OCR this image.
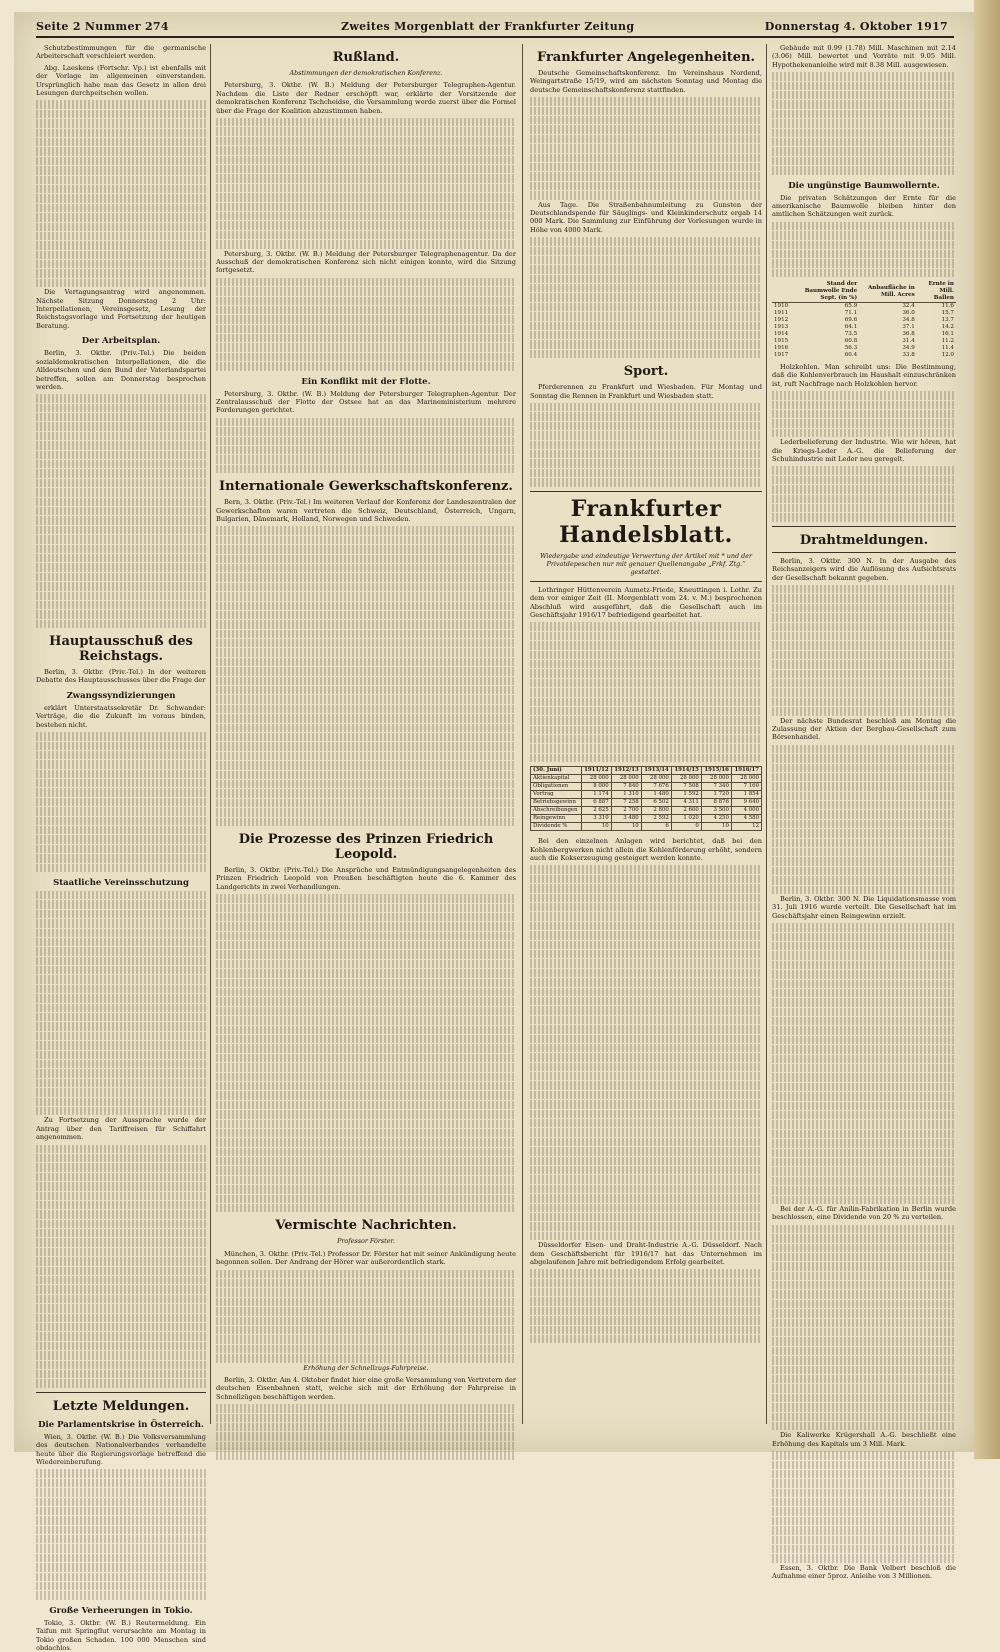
Seite 2 Nummer 274	Zweites Morgenblatt der Frankfurter Zeitung	Donnerstag 4. Oktober 1917
Schutzbestimmungen für die germanische Arbeiterschaft verschleiert werden.
Abg. Laeskens (Fortschr. Vp.) ist ebenfalls mit der Vorlage im allgemeinen einverstanden. Ursprünglich habe man das Gesetz in allen drei Lesungen durchpeitschen wollen.
Die Vertagungsantrag wird angenommen. Nächste Sitzung Donnerstag 2 Uhr: Interpellationen, Vereinsgesetz, Lesung der Reichstagsvorlage und Fortsetzung der heutigen Beratung.
Der Arbeitsplan.
Berlin, 3. Oktbr. (Priv.-Tel.) Die beiden sozialdemokratischen Interpellationen, die die Alldeutschen und den Bund der Vaterlandspartei betreffen, sollen am Donnerstag besprochen werden.
Hauptausschuß des Reichstags.
Berlin, 3. Oktbr. (Priv.-Tel.) In der weiteren Debatte des Hauptausschusses über die Frage der
Zwangssyndizierungen
erklärt Unterstaatssekretär Dr. Schwander: Verträge, die die Zukunft im voraus binden, bestehen nicht.
Staatliche Vereinsschutzung
Zu Fortsetzung der Aussprache wurde der Antrag über den Tariffreisen für Schiffahrt angenommen.
Letzte Meldungen.
Die Parlamentskrise in Österreich.
Wien, 3. Oktbr. (W. B.) Die Volksversammlung des deutschen Nationalverbandes verhandelte heute über die Regierungsvorlage betreffend die Wiedereinberufung.
Große Verheerungen in Tokio.
Tokio, 3. Oktbr. (W. B.) Reutermeldung. Ein Taifun mit Springflut verursachte am Montag in Tokio großen Schaden. 100 000 Menschen sind obdachlos.
Rußland.
Abstimmungen der demokratischen Konferenz.
Petersburg, 3. Oktbr. (W. B.) Meldung der Petersburger Telegraphen-Agentur. Nachdem die Liste der Redner erschöpft war, erklärte der Vorsitzende der demokratischen Konferenz Tschcheidse, die Versammlung werde zuerst über die Formel über die Frage der Koalition abzustimmen haben.
Petersburg, 3. Oktbr. (W. B.) Meldung der Petersburger Telegraphenagentur. Da der Ausschuß der demokratischen Konferenz sich nicht einigen konnte, wird die Sitzung fortgesetzt.
Ein Konflikt mit der Flotte.
Petersburg, 3. Oktbr. (W. B.) Meldung der Petersburger Telegraphen-Agentur. Der Zentralausschuß der Flotte der Ostsee hat an das Marineministerium mehrere Forderungen gerichtet.
Internationale Gewerkschaftskonferenz.
Bern, 3. Oktbr. (Priv.-Tel.) Im weiteren Verlauf der Konferenz der Landeszentralen der Gewerkschaften waren vertreten die Schweiz, Deutschland, Österreich, Ungarn, Bulgarien, Dänemark, Holland, Norwegen und Schweden.
Die Prozesse des Prinzen Friedrich Leopold.
Berlin, 3. Oktbr. (Priv.-Tel.) Die Ansprüche und Entmündigungsangelegenheiten des Prinzen Friedrich Leopold von Preußen beschäftigten heute die 6. Kammer des Landgerichts in zwei Verhandlungen.
Vermischte Nachrichten.
Professor Förster.
München, 3. Oktbr. (Priv.-Tel.) Professor Dr. Förster hat mit seiner Ankündigung heute begonnen sollen. Der Andrang der Hörer war außerordentlich stark.
Erhöhung der Schnellzugs-Fahrpreise.
Berlin, 3. Oktbr. Am 4. Oktober findet hier eine große Versammlung von Vertretern der deutschen Eisenbahnen statt, welche sich mit der Erhöhung der Fahrpreise in Schnellzügen beschäftigen werden.
Frankfurter Angelegenheiten.
Deutsche Gemeinschaftskonferenz. Im Vereinshaus Nordend, Weingartstraße 15/19, wird am nächsten Sonntag und Montag die deutsche Gemeinschaftskonferenz stattfinden.
Aus Tage. Die Straßenbahnumleitung zu Gunsten der Deutschlandspende für Säuglings- und Kleinkinderschutz ergab 14 000 Mark. Die Sammlung zur Einführung der Vorlesungen wurde in Höhe von 4000 Mark.
Sport.
Pferderennen zu Frankfurt und Wiesbaden. Für Montag und Sonntag die Rennen in Frankfurt und Wiesbaden statt.
Frankfurter Handelsblatt.
Wiedergabe und eindeutige Verwertung der Artikel mit * und der Privatdepeschen nur mit genauer Quellenangabe „Frkf. Ztg.“ gestattet.
Lothringer Hüttenverein Aumetz-Friede, Kneuttingen i. Lothr. Zu dem vor einiger Zeit (II. Morgenblatt vom 24. v. M.) besprochenen Abschluß wird ausgeführt, daß die Gesellschaft auch im Geschäftsjahr 1916/17 befriedigend gearbeitet hat.
(30. Juni)	1911/12	1912/13	1913/14	1914/15	1915/16	1916/17
Aktienkapital	28 000	28 000	28 000	28 000	28 000	28 000
Obligationen	8 000	7 840	7 676	7 508	7 340	7 160
Vortrag	1 174	1 310	1 480	1 592	1 720	1 854
Betriebsgewinn	6 887	7 258	6 502	4 311	8 876	9 640
Abschreibungen	2 625	2 700	2 800	2 600	3 500	4 000
Reingewinn	3 310	3 480	2 592	1 020	4 250	4 580
Dividende %	10	10	6	0	10	12
Bei den einzelnen Anlagen wird berichtet, daß bei den Kohlenbergwerken nicht allein die Kohlenförderung erhöht, sondern auch die Kokserzeugung gesteigert werden konnte.
Düsseldorfer Eisen- und Draht-Industrie A.-G. Düsseldorf. Nach dem Geschäftsbericht für 1916/17 hat das Unternehmen im abgelaufenen Jahre mit befriedigendem Erfolg gearbeitet.
Gebäude mit 0.99 (1.78) Mill. Maschinen mit 2.14 (3.06) Mill. bewertet und Vorräte mit 9.05 Mill. Hypothekenanleihe wird mit 8.38 Mill. ausgewiesen.
Die ungünstige Baumwollernte.
Die privaten Schätzungen der Ernte für die amerikanische Baumwolle bleiben hinter den amtlichen Schätzungen weit zurück.
	Stand der Baumwolle Ende Sept. (in %)	Anbaufläche in Mill. Acres	Ernte in Mill. Ballen
1910	65.9	32.4	11.6
1911	71.1	36.0	15.7
1912	69.6	34.8	13.7
1913	64.1	37.1	14.2
1914	73.5	36.8	16.1
1915	60.8	31.4	11.2
1916	56.3	34.9	11.4
1917	60.4	33.8	12.0
Holzkohlen. Man schreibt uns: Die Bestimmung, daß die Kohlenverbrauch im Haushalt einzuschränken ist, ruft Nachfrage nach Holzkohlen hervor.
Lederbelieferung der Industrie. Wie wir hören, hat die Kriegs-Leder A.-G. die Belieferung der Schuhindustrie mit Leder neu geregelt.
Drahtmeldungen.
Berlin, 3. Oktbr. 300 N. In der Ausgabe des Reichsanzeigers wird die Auflösung des Aufsichtsrats der Gesellschaft bekannt gegeben.
Der nächste Bundesrat beschloß am Montag die Zulassung der Aktien der Bergbau-Gesellschaft zum Börsenhandel.
Berlin, 3. Oktbr. 300 N. Die Liquidationsmasse vom 31. Juli 1916 wurde verteilt. Die Gesellschaft hat im Geschäftsjahr einen Reingewinn erzielt.
Bei der A.-G. für Anilin-Fabrikation in Berlin wurde beschlossen, eine Dividende von 20 % zu verteilen.
Die Kaliwerke Krügershall A.-G. beschließt eine Erhöhung des Kapitals um 3 Mill. Mark.
Essen, 3. Oktbr. Die Bank Velbert beschloß die Aufnahme einer 5proz. Anleihe von 3 Millionen.
